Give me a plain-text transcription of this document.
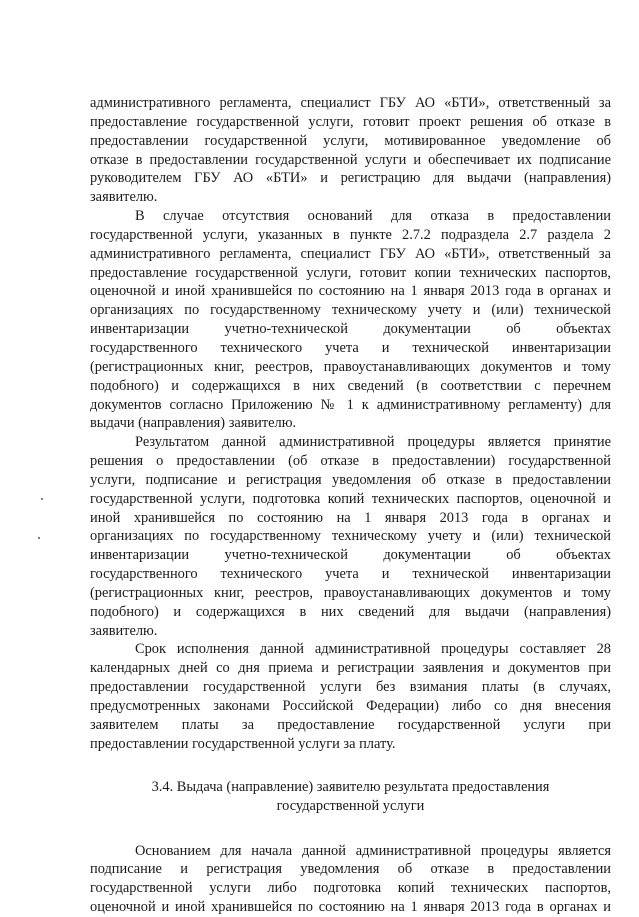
административного регламента, специалист ГБУ АО «БТИ», ответственный за
предоставление государственной услуги, готовит проект решения об отказе в
предоставлении государственной услуги, мотивированное уведомление об
отказе в предоставлении государственной услуги и обеспечивает их подписание
руководителем ГБУ АО «БТИ» и регистрацию для выдачи (направления)
заявителю.
В случае отсутствия оснований для отказа в предоставлении
государственной услуги, указанных в пункте 2.7.2 подраздела 2.7 раздела 2
административного регламента, специалист ГБУ АО «БТИ», ответственный за
предоставление государственной услуги, готовит копии технических паспортов,
оценочной и иной хранившейся по состоянию на 1 января 2013 года в органах и
организациях по государственному техническому учету и (или) технической
инвентаризации учетно-технической документации об объектах
государственного технического учета и технической инвентаризации
(регистрационных книг, реестров, правоустанавливающих документов и тому
подобного) и содержащихся в них сведений (в соответствии с перечнем
документов согласно Приложению № 1 к административному регламенту) для
выдачи (направления) заявителю.
Результатом данной административной процедуры является принятие
решения о предоставлении (об отказе в предоставлении) государственной
услуги, подписание и регистрация уведомления об отказе в предоставлении
государственной услуги, подготовка копий технических паспортов, оценочной и
иной хранившейся по состоянию на 1 января 2013 года в органах и
организациях по государственному техническому учету и (или) технической
инвентаризации учетно-технической документации об объектах
государственного технического учета и технической инвентаризации
(регистрационных книг, реестров, правоустанавливающих документов и тому
подобного) и содержащихся в них сведений для выдачи (направления)
заявителю.
Срок исполнения данной административной процедуры составляет 28
календарных дней со дня приема и регистрации заявления и документов при
предоставлении государственной услуги без взимания платы (в случаях,
предусмотренных законами Российской Федерации) либо со дня внесения
заявителем платы за предоставление государственной услуги при
предоставлении государственной услуги за плату.
3.4. Выдача (направление) заявителю результата предоставления
государственной услуги
Основанием для начала данной административной процедуры является
подписание и регистрация уведомления об отказе в предоставлении
государственной услуги либо подготовка копий технических паспортов,
оценочной и иной хранившейся по состоянию на 1 января 2013 года в органах и
